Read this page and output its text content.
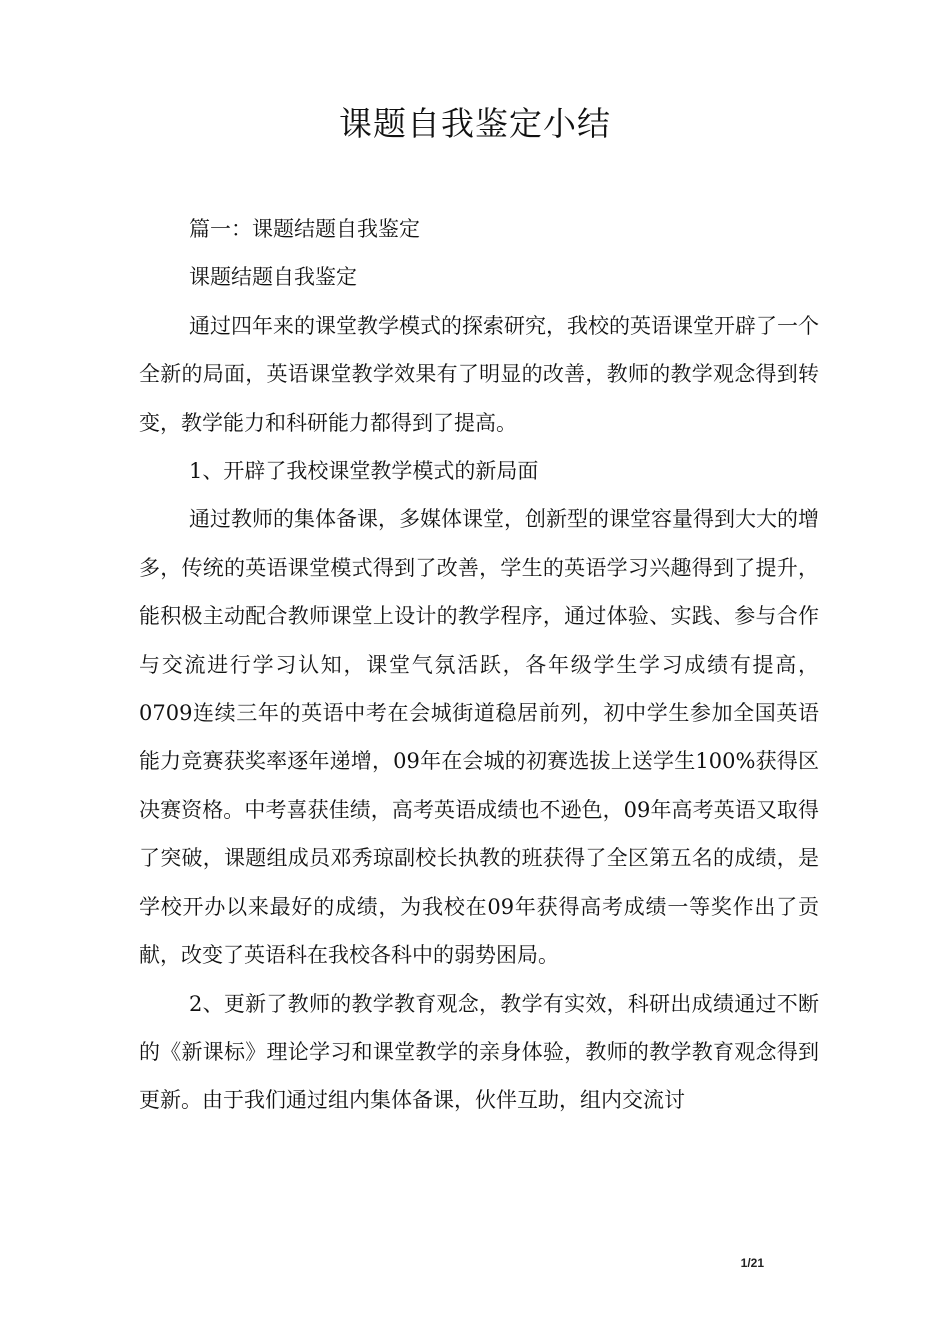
课题自我鉴定小结

篇一：课题结题自我鉴定

课题结题自我鉴定

通过四年来的课堂教学模式的探索研究，我校的英语课堂开辟了一个全新的局面，英语课堂教学效果有了明显的改善，教师的教学观念得到转变，教学能力和科研能力都得到了提高。

1、开辟了我校课堂教学模式的新局面

通过教师的集体备课，多媒体课堂，创新型的课堂容量得到大大的增多，传统的英语课堂模式得到了改善，学生的英语学习兴趣得到了提升，能积极主动配合教师课堂上设计的教学程序，通过体验、实践、参与合作与交流进行学习认知，课堂气氛活跃，各年级学生学习成绩有提高，0709连续三年的英语中考在会城街道稳居前列，初中学生参加全国英语能力竞赛获奖率逐年递增，09年在会城的初赛选拔上送学生100%获得区决赛资格。中考喜获佳绩，高考英语成绩也不逊色，09年高考英语又取得了突破，课题组成员邓秀琼副校长执教的班获得了全区第五名的成绩，是学校开办以来最好的成绩，为我校在09年获得高考成绩一等奖作出了贡献，改变了英语科在我校各科中的弱势困局。

2、更新了教师的教学教育观念，教学有实效，科研出成绩通过不断的《新课标》理论学习和课堂教学的亲身体验，教师的教学教育观念得到更新。由于我们通过组内集体备课，伙伴互助，组内交流讨

1/21
